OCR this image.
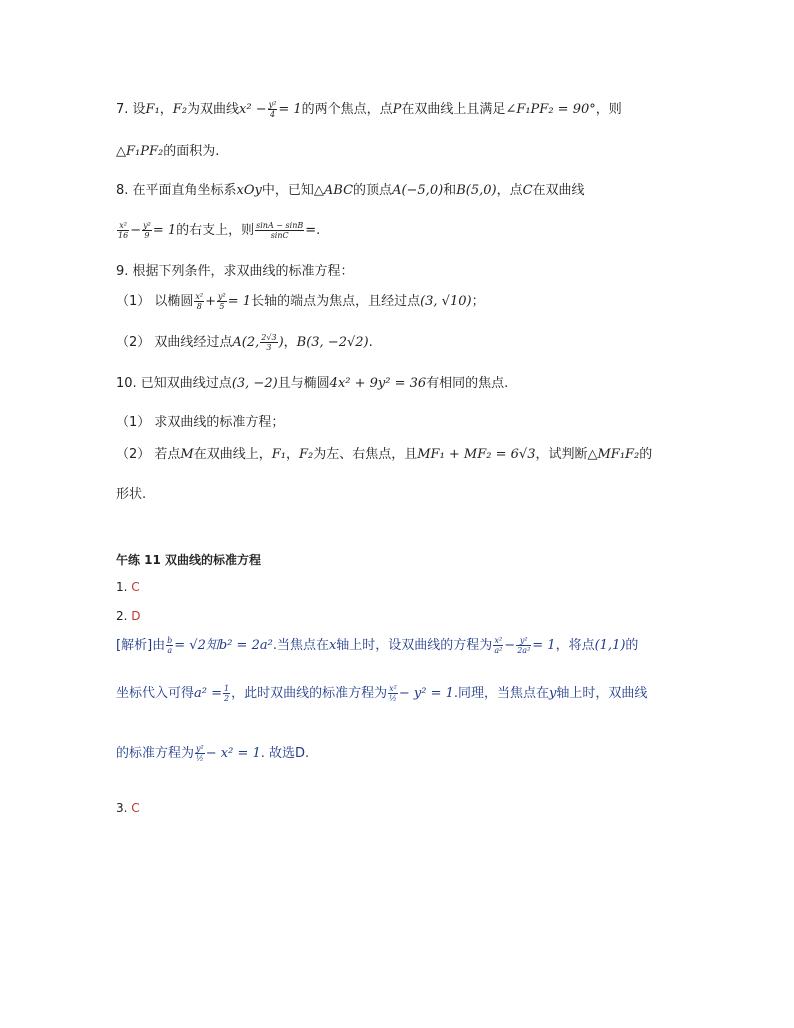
7. 设F₁，F₂为双曲线$x^2 - \frac{\text{y²}}{4} = 1$的两个焦点，点P在双曲线上且满足∠F₁PF₂ = 90°，则
△F₁PF₂的面积为.
8. 在平面直角坐标系xOy中，已知△ABC的顶点A(−5,0)和B(5,0)，点C在双曲线
$\frac{\text{x²}}{16} - \frac{\text{y²}}{9} = 1$的右支上，则 $\frac{\sin A - \sin B}{\sin C}$ =.
9. 根据下列条件，求双曲线的标准方程：
（1） 以椭圆 $\frac{\text{x²}}{8} + \frac{\text{y²}}{5} = 1$长轴的端点为焦点，且经过点(3, √10)；
（2） 双曲线经过点A(2, $\frac{2√3}{3}$ )，B(3, −2√2).
10. 已知双曲线过点(3, −2)且与椭圆4x² + 9y² = 36有相同的焦点.
（1） 求双曲线的标准方程；
（2） 若点M在双曲线上，F₁，F₂为左、右焦点，且MF₁ + MF₂ = 6√3，试判断△MF₁F₂的
形状.
午练 11 双曲线的标准方程
1. C
2. D
[解析]由 $\frac{b}{a} = √2$知b² = 2a².当焦点在x轴上时，设双曲线的方程为 $\frac{\text{x²}}{\text{a²}} - \frac{\text{y²}}{\text{2a²}} = 1$，将点(1,1)的
坐标代入可得$a^2 = \frac{1}{2}$ ，此时双曲线的标准方程为 $\frac{\text{x²}}{\text{½}} - y^2 = 1$.同理，当焦点在y轴上时，双曲线
的标准方程为 $\frac{\text{y²}}{\text{½}} - x^2 = 1$. 故选D.
3. C
